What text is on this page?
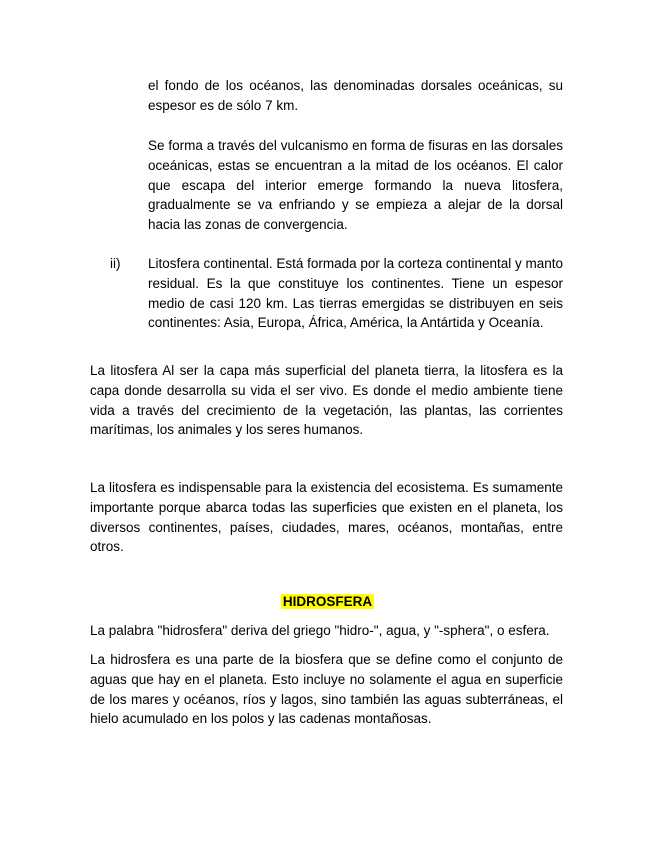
el fondo de los océanos, las denominadas dorsales oceánicas, su espesor es de sólo 7 km.

Se forma a través del vulcanismo en forma de fisuras en las dorsales oceánicas, estas se encuentran a la mitad de los océanos. El calor que escapa del interior emerge formando la nueva litosfera, gradualmente se va enfriando y se empieza a alejar de la dorsal hacia las zonas de convergencia.

ii) Litosfera continental. Está formada por la corteza continental y manto residual. Es la que constituye los continentes. Tiene un espesor medio de casi 120 km. Las tierras emergidas se distribuyen en seis continentes: Asia, Europa, África, América, la Antártida y Oceanía.

La litosfera Al ser la capa más superficial del planeta tierra, la litosfera es la capa donde desarrolla su vida el ser vivo. Es donde el medio ambiente tiene vida a través del crecimiento de la vegetación, las plantas, las corrientes marítimas, los animales y los seres humanos.

La litosfera es indispensable para la existencia del ecosistema. Es sumamente importante porque abarca todas las superficies que existen en el planeta, los diversos continentes, países, ciudades, mares, océanos, montañas, entre otros.

HIDROSFERA

La palabra "hidrosfera" deriva del griego "hidro-", agua, y "-sphera", o esfera.

La hidrosfera es una parte de la biosfera que se define como el conjunto de aguas que hay en el planeta. Esto incluye no solamente el agua en superficie de los mares y océanos, ríos y lagos, sino también las aguas subterráneas, el hielo acumulado en los polos y las cadenas montañosas.
